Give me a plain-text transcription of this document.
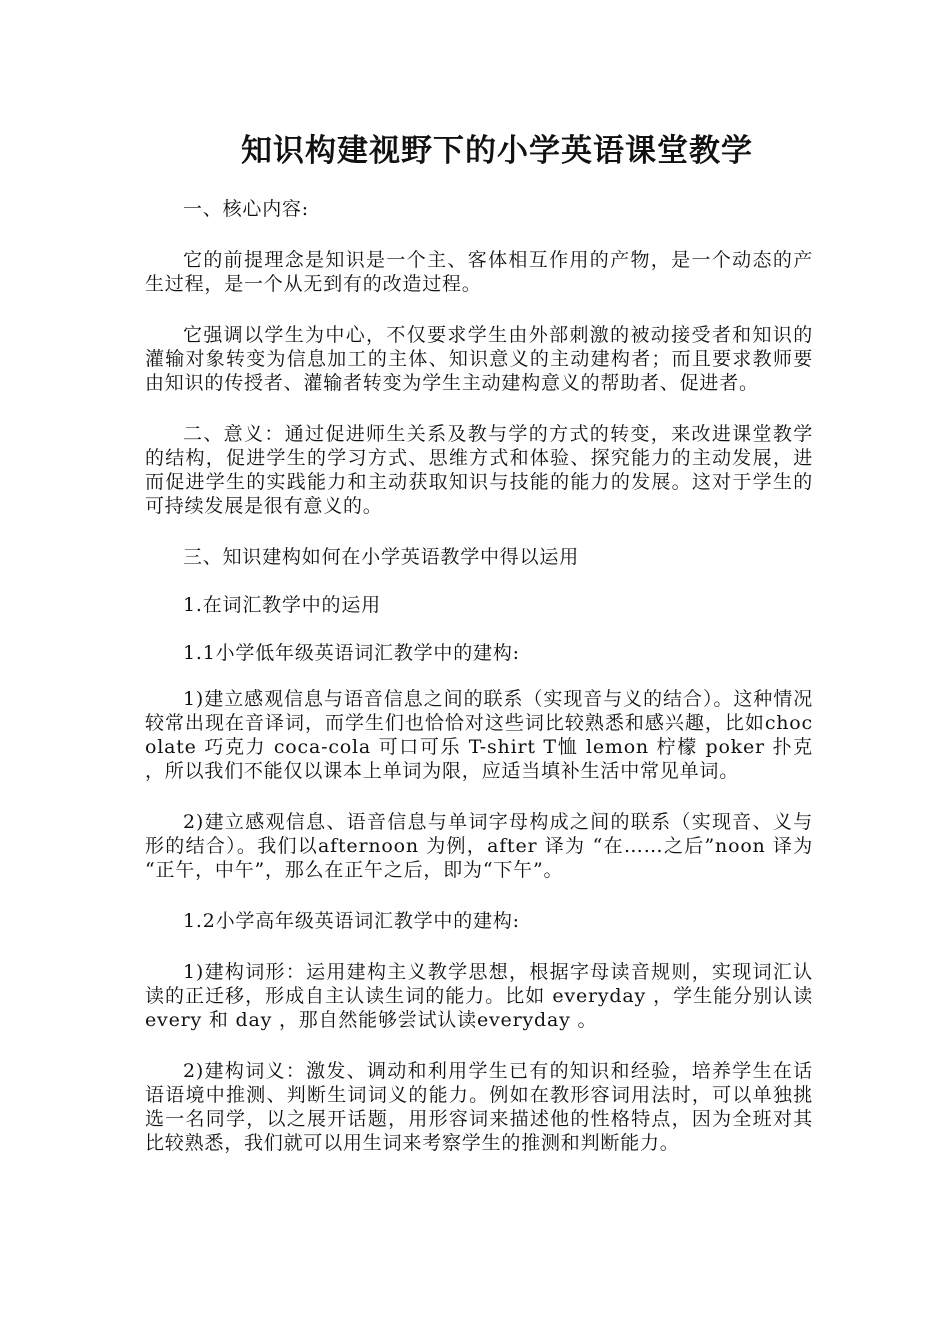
知识构建视野下的小学英语课堂教学

一、核心内容:

它的前提理念是知识是一个主、客体相互作用的产物，是一个动态的产生过程，是一个从无到有的改造过程。

它强调以学生为中心，不仅要求学生由外部刺激的被动接受者和知识的灌输对象转变为信息加工的主体、知识意义的主动建构者；而且要求教师要由知识的传授者、灌输者转变为学生主动建构意义的帮助者、促进者。

二、意义：通过促进师生关系及教与学的方式的转变，来改进课堂教学的结构，促进学生的学习方式、思维方式和体验、探究能力的主动发展，进而促进学生的实践能力和主动获取知识与技能的能力的发展。这对于学生的可持续发展是很有意义的。

三、知识建构如何在小学英语教学中得以运用

1.在词汇教学中的运用

1.1小学低年级英语词汇教学中的建构:

1)建立感观信息与语音信息之间的联系（实现音与义的结合）。这种情况较常出现在音译词，而学生们也恰恰对这些词比较熟悉和感兴趣，比如chocolate 巧克力 coca-cola 可口可乐 T-shirt T恤 lemon 柠檬 poker 扑克 ，所以我们不能仅以课本上单词为限，应适当填补生活中常见单词。

2)建立感观信息、语音信息与单词字母构成之间的联系（实现音、义与形的结合）。我们以afternoon 为例，after 译为 “在……之后”noon 译为 “正午，中午”，那么在正午之后，即为“下午”。

1.2小学高年级英语词汇教学中的建构:

1)建构词形：运用建构主义教学思想，根据字母读音规则，实现词汇认读的正迁移，形成自主认读生词的能力。比如 everyday ，学生能分别认读every 和 day ，那自然能够尝试认读everyday 。

2)建构词义：激发、调动和利用学生已有的知识和经验，培养学生在话语语境中推测、判断生词词义的能力。例如在教形容词用法时，可以单独挑选一名同学，以之展开话题，用形容词来描述他的性格特点，因为全班对其比较熟悉，我们就可以用生词来考察学生的推测和判断能力。
